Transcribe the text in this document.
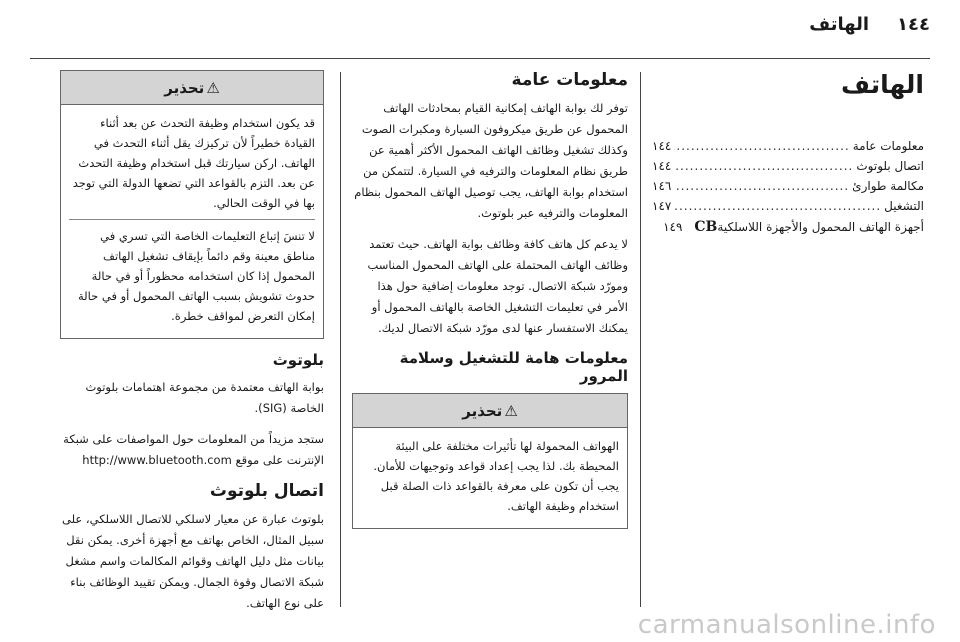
١٤٤الهاتف
الهاتف
معلومات عامة
.....
١٤٤
اتصال بلوتوث
.....
١٤٤
مكالمة طوارئ
.....
١٤٦
التشغيل
.....
١٤٧
أجهزة الهاتف المحمول والأجهزة اللاسلكية
CB
١٤٩
معلومات عامة

توفر لك بوابة الهاتف إمكانية القيام بمحادثات الهاتف المحمول عن طريق ميكروفون السيارة ومكبرات الصوت وكذلك تشغيل وظائف الهاتف المحمول الأكثر أهمية عن طريق نظام المعلومات والترفيه في السيارة. لتتمكن من استخدام بوابة الهاتف، يجب توصيل الهاتف المحمول بنظام المعلومات والترفيه عبر بلوتوث.

لا يدعم كل هاتف كافة وظائف بوابة الهاتف. حيث تعتمد وظائف الهاتف المحتملة على الهاتف المحمول المناسب ومورّد شبكة الاتصال. توجد معلومات إضافية حول هذا الأمر في تعليمات التشغيل الخاصة بالهاتف المحمول أو يمكنك الاستفسار عنها لدى مورّد شبكة الاتصال لديك.

معلومات هامة للتشغيل وسلامة المرور
⚠
تحذير

الهواتف المحمولة لها تأثيرات مختلفة على البيئة المحيطة بك. لذا يجب إعداد قواعد وتوجيهات للأمان. يجب أن تكون على معرفة بالقواعد ذات الصلة قبل استخدام وظيفة الهاتف.

⚠
تحذير

قد يكون استخدام وظيفة التحدث عن بعد أثناء القيادة خطيراً لأن تركيزك يقل أثناء التحدث في الهاتف. اركن سيارتك قبل استخدام وظيفة التحدث عن بعد. التزم بالقواعد التي تضعها الدولة التي توجد بها في الوقت الحالي.

لا تنسَ إتباع التعليمات الخاصة التي تسري في مناطق معينة وقم دائماً بإيقاف تشغيل الهاتف المحمول إذا كان استخدامه محظوراً أو في حالة حدوث تشويش بسبب الهاتف المحمول أو في حالة إمكان التعرض لمواقف خطرة.

بلوتوث

بوابة الهاتف معتمدة من مجموعة اهتمامات بلوتوث الخاصة (SIG).

ستجد مزيداً من المعلومات حول المواصفات على شبكة الإنترنت على موقع http://www.bluetooth.com

اتصال بلوتوث

بلوتوث عبارة عن معيار لاسلكي للاتصال اللاسلكي، على سبيل المثال، الخاص بهاتف مع أجهزة أخرى. يمكن نقل بيانات مثل دليل الهاتف وقوائم المكالمات واسم مشغل شبكة الاتصال وقوة الجمال. ويمكن تقييد الوظائف بناء على نوع الهاتف.

carmanualsonline.info
